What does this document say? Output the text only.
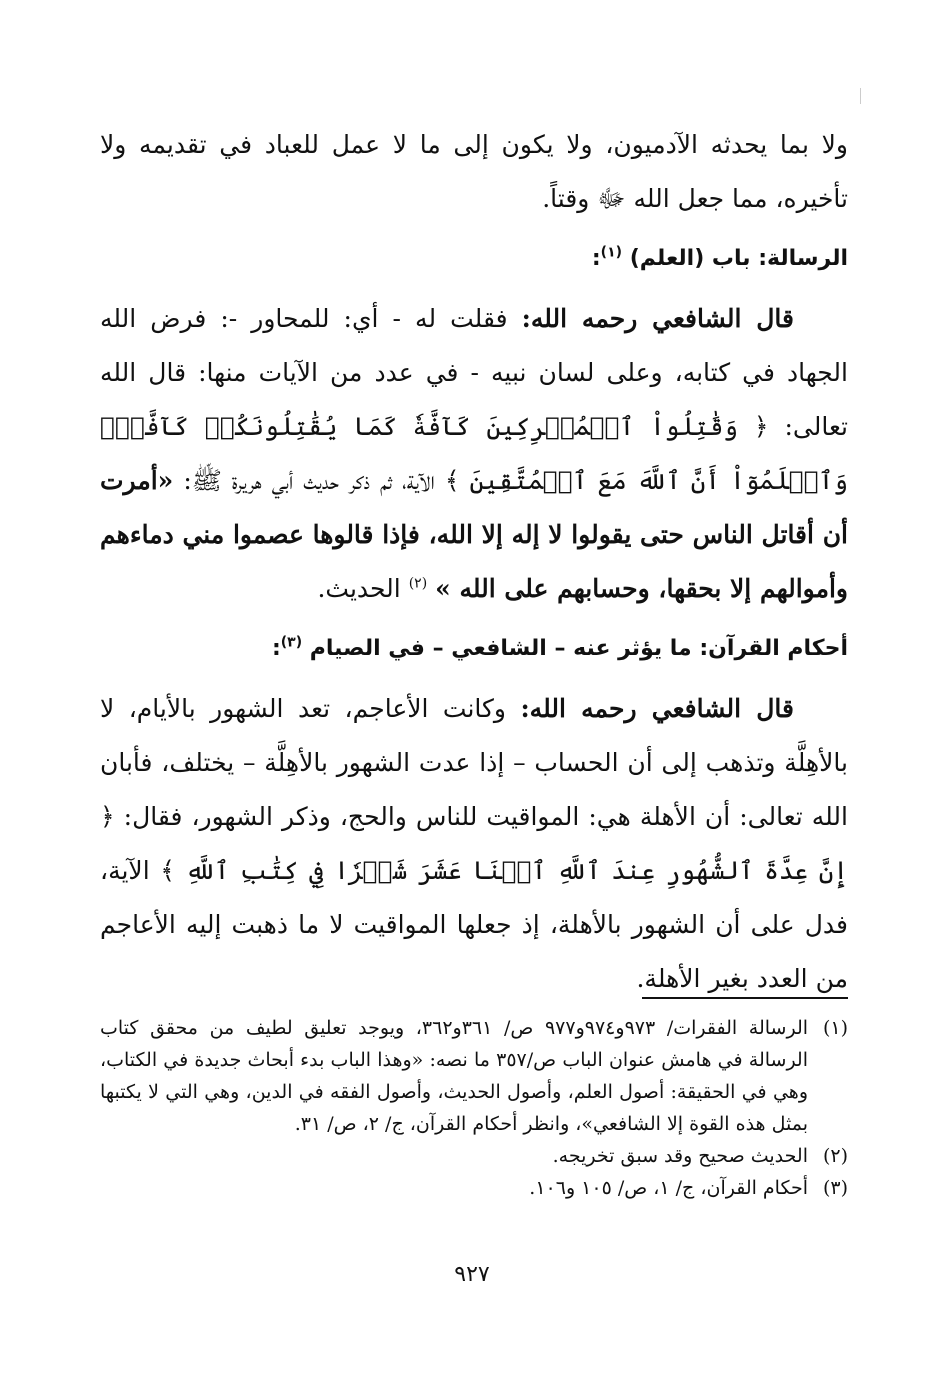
ولا بما يحدثه الآدميون، ولا يكون إلى ما لا عمل للعباد في تقديمه ولا تأخيره، مما جعل الله ﷻ وقتاً.

الرسالة: باب (العلم) $^{(١)}$:

قال الشافعي رحمه الله: فقلت له - أي: للمحاور -: فرض الله الجهاد في كتابه، وعلى لسان نبيه - في عدد من الآيات منها: قال الله تعالى: ﴿ وَقَٰتِلُواْ ٱلۡمُشۡرِكِينَ كَآفَّةٗ كَمَا يُقَٰتِلُونَكُمۡ كَآفَّةٗۚ وَٱعۡلَمُوٓاْ أَنَّ ٱللَّهَ مَعَ ٱلۡمُتَّقِينَ ﴾ الآية، ثم ذكر حديث أبي هريرة ﷺ: «أمرت أن أقاتل الناس حتى يقولوا لا إله إلا الله، فإذا قالوها عصموا مني دماءهم وأموالهم إلا بحقها، وحسابهم على الله » $^{(٢)}$ الحديث.

أحكام القرآن: ما يؤثر عنه – الشافعي – في الصيام $^{(٣)}$:

قال الشافعي رحمه الله: وكانت الأعاجم، تعد الشهور بالأيام، لا بالأهِلَّة وتذهب إلى أن الحساب – إذا عدت الشهور بالأهِلَّة – يختلف، فأبان الله تعالى: أن الأهلة هي: المواقيت للناس والحج، وذكر الشهور، فقال: ﴿ إِنَّ عِدَّةَ ٱلشُّهُورِ عِندَ ٱللَّهِ ٱثۡنَا عَشَرَ شَهۡرٗا فِي كِتَٰبِ ٱللَّهِ ﴾ الآية، فدل على أن الشهور بالأهلة، إذ جعلها المواقيت لا ما ذهبت إليه الأعاجم من العدد بغير الأهلة.

(١)
الرسالة الفقرات/ ٩٧٣و٩٧٤و٩٧٧ ص/ ٣٦١و٣٦٢، ويوجد تعليق لطيف من محقق كتاب الرسالة في هامش عنوان الباب ص/٣٥٧ ما نصه: «وهذا الباب بدء أبحاث جديدة في الكتاب، وهي في الحقيقة: أصول العلم، وأصول الحديث، وأصول الفقه في الدين، وهي التي لا يكتبها بمثل هذه القوة إلا الشافعي»، وانظر أحكام القرآن، ج/ ٢، ص/ ٣١.
(٢)
الحديث صحيح وقد سبق تخريجه.
(٣)
أحكام القرآن، ج/ ١، ص/ ١٠٥ و١٠٦.
٩٢٧
